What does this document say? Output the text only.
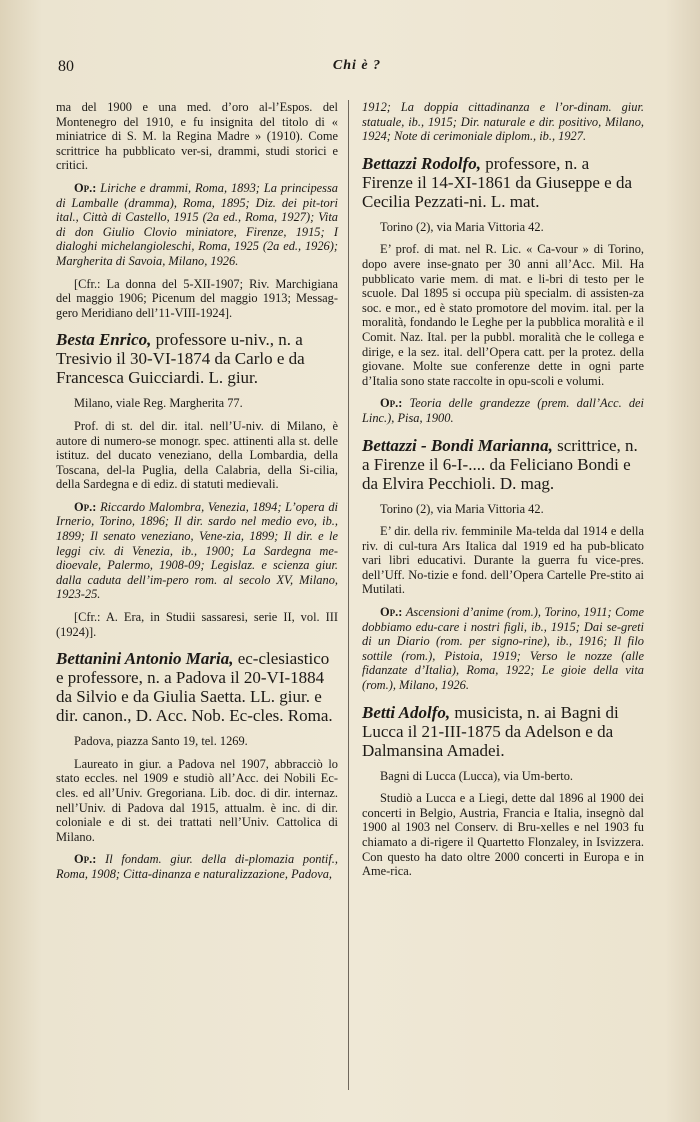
80	Chi è ?

ma del 1900 e una med. d’oro al-l’Espos. del Montenegro del 1910, e fu insignita del titolo di « miniatrice di S. M. la Regina Madre » (1910). Come scrittrice ha pubblicato ver-si, drammi, studi storici e critici.

Op.: Liriche e drammi, Roma, 1893; La principessa di Lamballe (dramma), Roma, 1895; Diz. dei pit-tori ital., Città di Castello, 1915 (2a ed., Roma, 1927); Vita di don Giulio Clovio miniatore, Firenze, 1915; I dialoghi michelangioleschi, Roma, 1925 (2a ed., 1926); Margherita di Savoia, Milano, 1926.

[Cfr.: La donna del 5-XII-1907; Riv. Marchigiana del maggio 1906; Picenum del maggio 1913; Messag-gero Meridiano dell’11-VIII-1924].

Besta Enrico, professore u-niv., n. a Tresivio il 30-VI-1874 da Carlo e da Francesca Guicciardi. L. giur.

Milano, viale Reg. Margherita 77.

Prof. di st. del dir. ital. nell’U-niv. di Milano, è autore di numero-se monogr. spec. attinenti alla st. delle istituz. del ducato veneziano, della Lombardia, della Toscana, del-la Puglia, della Calabria, della Si-cilia, della Sardegna e di ediz. di statuti medievali.

Op.: Riccardo Malombra, Venezia, 1894; L’opera di Irnerio, Torino, 1896; Il dir. sardo nel medio evo, ib., 1899; Il senato veneziano, Vene-zia, 1899; Il dir. e le leggi civ. di Venezia, ib., 1900; La Sardegna me-dioevale, Palermo, 1908-09; Legislaz. e scienza giur. dalla caduta dell’im-pero rom. al secolo XV, Milano, 1923-25.

[Cfr.: A. Era, in Studii sassaresi, serie II, vol. III (1924)].

Bettanini Antonio Maria, ec-clesiastico e professore, n. a Padova il 20-VI-1884 da Silvio e da Giulia Saetta. LL. giur. e dir. canon., D. Acc. Nob. Ec-cles. Roma.

Padova, piazza Santo 19, tel. 1269.

Laureato in giur. a Padova nel 1907, abbracciò lo stato eccles. nel 1909 e studiò all’Acc. dei Nobili Ec-cles. ed all’Univ. Gregoriana. Lib. doc. di dir. internaz. nell’Univ. di Padova dal 1915, attualm. è inc. di dir. coloniale e di st. dei trattati nell’Univ. Cattolica di Milano.

Op.: Il fondam. giur. della di-plomazia pontif., Roma, 1908; Citta-dinanza e naturalizzazione, Padova,

1912; La doppia cittadinanza e l’or-dinam. giur. statuale, ib., 1915; Dir. naturale e dir. positivo, Milano, 1924; Note di cerimoniale diplom., ib., 1927.

Bettazzi Rodolfo, professore, n. a Firenze il 14-XI-1861 da Giuseppe e da Cecilia Pezzati-ni. L. mat.

Torino (2), via Maria Vittoria 42.

E’ prof. di mat. nel R. Lic. « Ca-vour » di Torino, dopo avere inse-gnato per 30 anni all’Acc. Mil. Ha pubblicato varie mem. di mat. e li-bri di testo per le scuole. Dal 1895 si occupa più specialm. di assisten-za soc. e mor., ed è stato promotore del movim. ital. per la moralità, fondando le Leghe per la pubblica moralità e il Comit. Naz. Ital. per la pubbl. moralità che le collega e dirige, e la sez. ital. dell’Opera catt. per la protez. della giovane. Molte sue conferenze dette in ogni parte d’Italia sono state raccolte in opu-scoli e volumi.

Op.: Teoria delle grandezze (prem. dall’Acc. dei Linc.), Pisa, 1900.

Bettazzi - Bondi Marianna, scrittrice, n. a Firenze il 6-I-.... da Feliciano Bondi e da Elvira Pecchioli. D. mag.

Torino (2), via Maria Vittoria 42.

E’ dir. della riv. femminile Ma-telda dal 1914 e della riv. di cul-tura Ars Italica dal 1919 ed ha pub-blicato vari libri educativi. Durante la guerra fu vice-pres. dell’Uff. No-tizie e fond. dell’Opera Cartelle Pre-stito ai Mutilati.

Op.: Ascensioni d’anime (rom.), Torino, 1911; Come dobbiamo edu-care i nostri figli, ib., 1915; Dai se-greti di un Diario (rom. per signo-rine), ib., 1916; Il filo sottile (rom.), Pistoia, 1919; Verso le nozze (alle fidanzate d’Italia), Roma, 1922; Le gioie della vita (rom.), Milano, 1926.

Betti Adolfo, musicista, n. ai Bagni di Lucca il 21-III-1875 da Adelson e da Dalmansina Amadei.

Bagni di Lucca (Lucca), via Um-berto.

Studiò a Lucca e a Liegi, dette dal 1896 al 1900 dei concerti in Belgio, Austria, Francia e Italia, insegnò dal 1900 al 1903 nel Conserv. di Bru-xelles e nel 1903 fu chiamato a di-rigere il Quartetto Flonzaley, in Isvizzera. Con questo ha dato oltre 2000 concerti in Europa e in Ame-rica.
